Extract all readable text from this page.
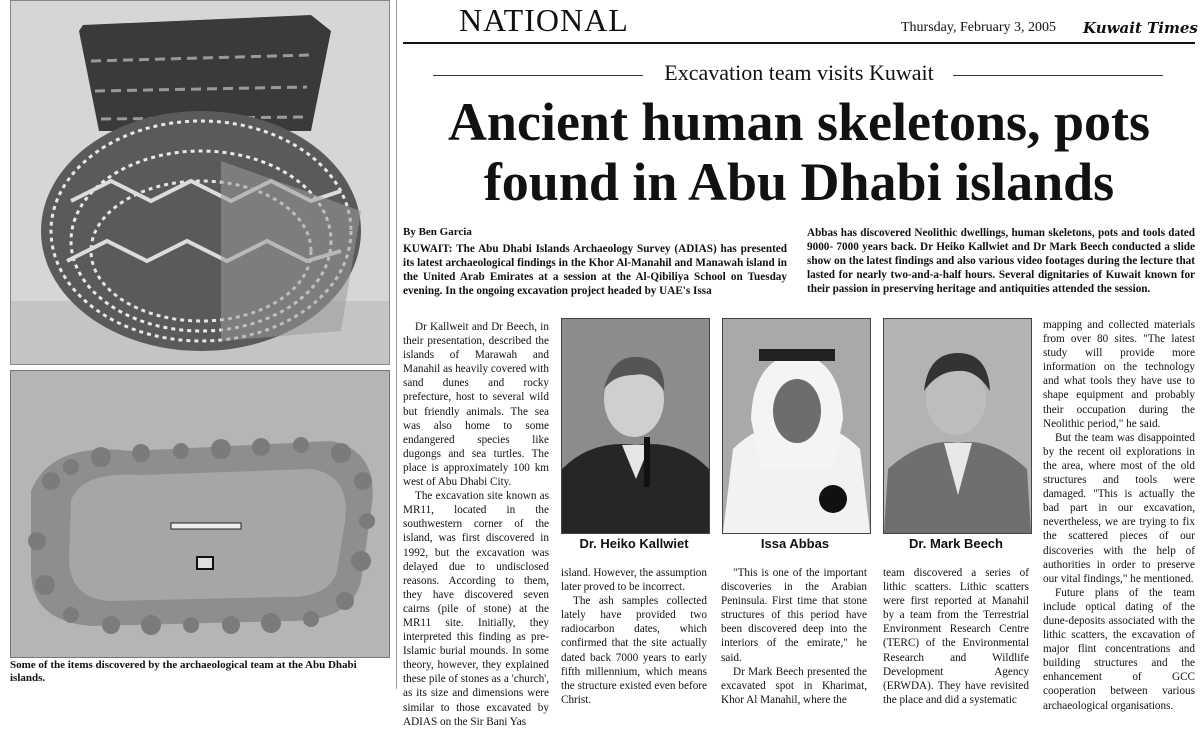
Some of the items discovered by the archaeological team at the Abu Dhabi islands.
NATIONAL	Thursday, February 3, 2005 Kuwait Times
Excavation team visits Kuwait
Ancient human skeletons, pots found in Abu Dhabi islands
By Ben Garcia
KUWAIT: The Abu Dhabi Islands Archaeology Survey (ADIAS) has presented its latest archaeological findings in the Khor Al-Manahil and Manawah island in the United Arab Emirates at a session at the Al-Qibiliya School on Tuesday evening. In the ongoing excavation project headed by UAE's Issa
Abbas has discovered Neolithic dwellings, human skeletons, pots and tools dated 9000- 7000 years back. Dr Heiko Kallwiet and Dr Mark Beech conducted a slide show on the latest findings and also various video footages during the lecture that lasted for nearly two-and-a-half hours. Several dignitaries of Kuwait known for their passion in preserving heritage and antiquities attended the session.

Dr Kallweit and Dr Beech, in their presentation, described the islands of Marawah and Manahil as heavily covered with sand dunes and rocky prefecture, host to several wild but friendly animals. The sea was also home to some endangered species like dugongs and sea turtles. The place is approximately 100 km west of Abu Dhabi City.

The excavation site known as MR11, located in the southwestern corner of the island, was first discovered in 1992, but the excavation was delayed due to undisclosed reasons. According to them, they have discovered seven cairns (pile of stone) at the MR11 site. Initially, they interpreted this finding as pre-Islamic burial mounds. In some theory, however, they explained these pile of stones as a 'church', as its size and dimensions were similar to those excavated by ADIAS on the Sir Bani Yas

Dr. Heiko Kallwiet	Issa Abbas	Dr. Mark Beech

island. However, the assumption later proved to be incorrect.

The ash samples collected lately have provided two radiocarbon dates, which confirmed that the site actually dated back 7000 years to early fifth millennium, which means the structure existed even before Christ.

"This is one of the important discoveries in the Arabian Peninsula. First time that stone structures of this period have been discovered deep into the interiors of the emirate," he said.

Dr Mark Beech presented the excavated spot in Kharimat, Khor Al Manahil, where the

team discovered a series of lithic scatters. Lithic scatters were first reported at Manahil by a team from the Terrestrial Environment Research Centre (TERC) of the Environmental Research and Wildlife Development Agency (ERWDA). They have revisited the place and did a systematic

mapping and collected materials from over 80 sites. "The latest study will provide more information on the technology and what tools they have use to shape equipment and probably their occupation during the Neolithic period," he said.

But the team was disappointed by the recent oil explorations in the area, where most of the old structures and tools were damaged. "This is actually the bad part in our excavation, nevertheless, we are trying to fix the scattered pieces of our discoveries with the help of authorities in order to preserve our vital findings," he mentioned.

Future plans of the team include optical dating of the dune-deposits associated with the lithic scatters, the excavation of major flint concentrations and building structures and the enhancement of GCC cooperation between various archaeological organisations.
